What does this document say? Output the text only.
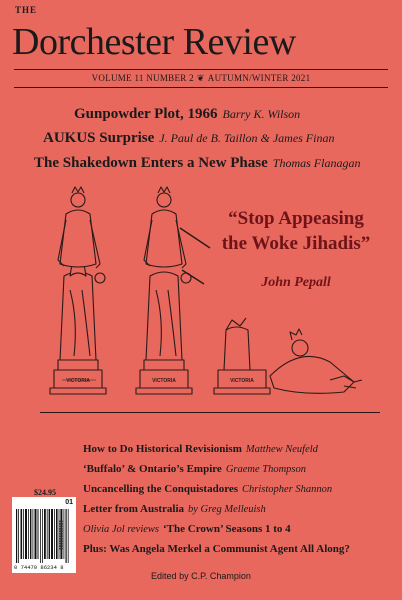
THE
Dorchester Review
VOLUME 11 NUMBER 2 ❦ AUTUMN/WINTER 2021
Gunpowder Plot, 1966 Barry K. Wilson
AUKUS Surprise J. Paul de B. Taillon & James Finan
The Shakedown Enters a New Phase Thomas Flanagan
VICTORIA	VICTORIA	VICTORIA
“Stop Appeasing
the Woke Jihadis”
John Pepall
How to Do Historical Revisionism Matthew Neufeld
‘Buffalo’ & Ontario’s Empire Graeme Thompson
Uncancelling the Conquistadores Christopher Shannon
Letter from Australia by Greg Melleuish
Olivia Jol reviews ‘The Crown’ Seasons 1 to 4
Plus: Was Angela Merkel a Communist Agent All Along?
$24.95
01
0 74470 86234 8
▮▮▮▮▮▮▮▮▮▮▮▮
Edited by C.P. Champion
